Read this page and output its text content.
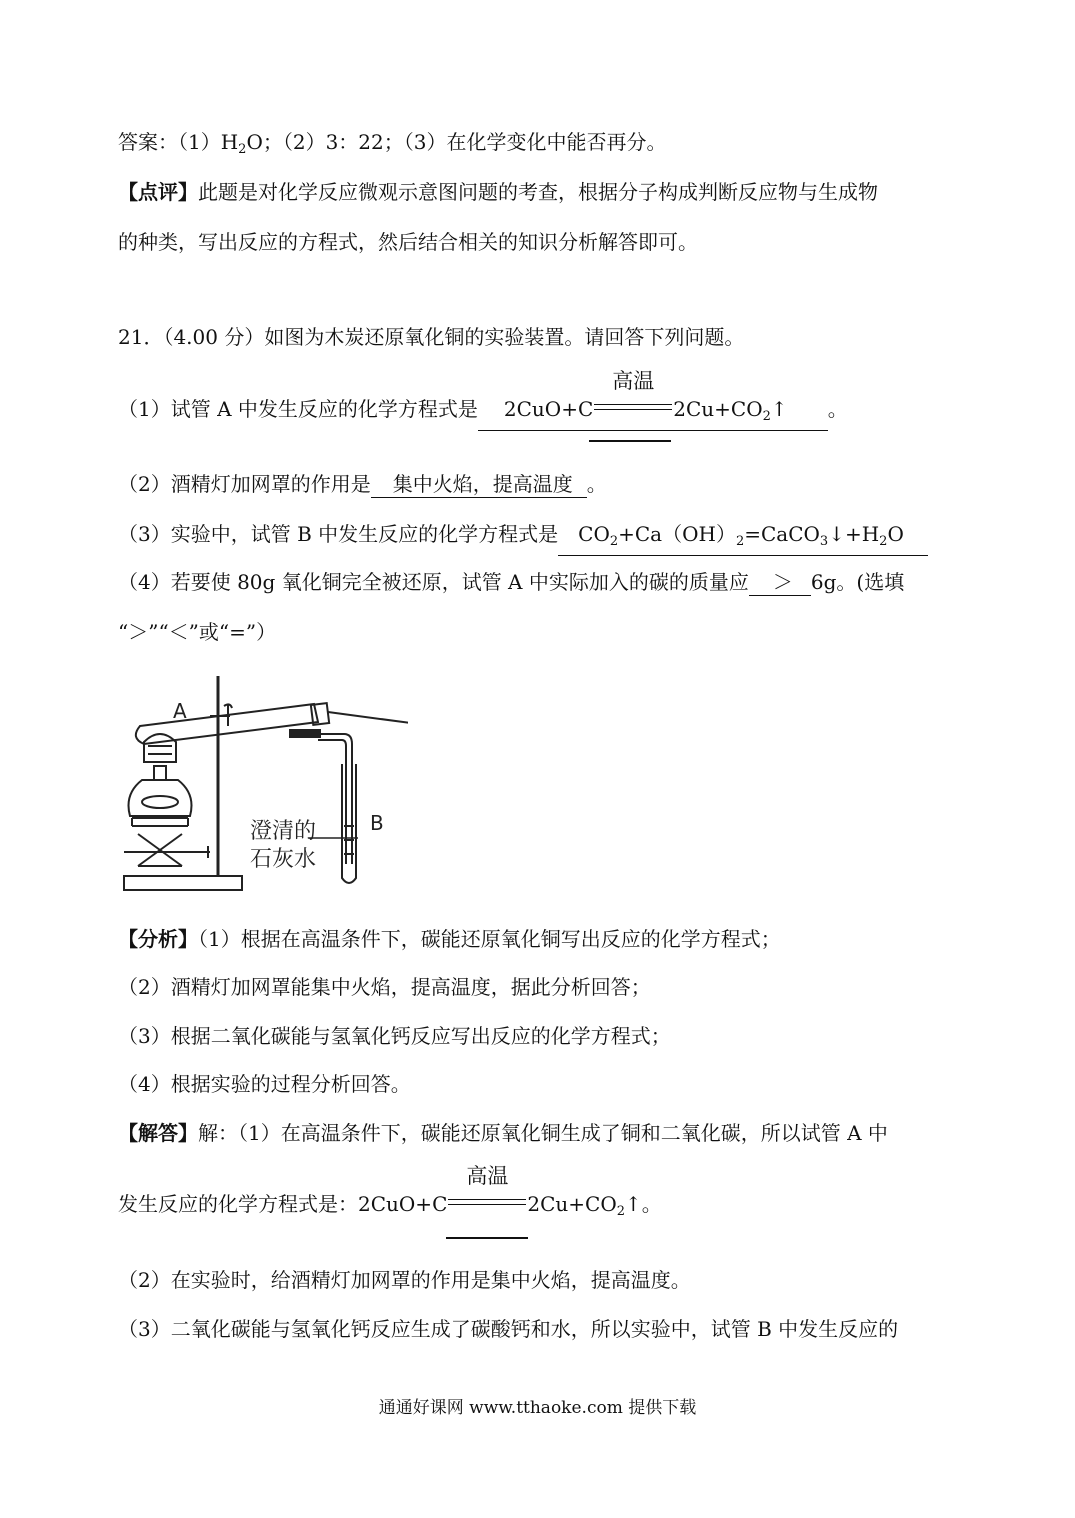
答案：$(1)H_2O$；（2）3：22；（3）在化学变化中能否再分。
【点评】此题是对化学反应微观示意图问题的考查，根据分子构成判断反应物与生成物
的种类，写出反应的方程式，然后结合相关的知识分析解答即可。
21．（4.00 分）如图为木炭还原氧化铜的实验装置。请回答下列问题。
（1）试管 A 中发生反应的化学方程式是 2CuO+C
高温
$2Cu+CO_2↑$ 。
（2）酒精灯加网罩的作用是 集中火焰，提高温度 。
（3）实验中，试管 B 中发生反应的化学方程式是 $CO_2+Ca(OH)_2=CaCO_3↓+H_2O$
（4）若要使 80g 氧化铜完全被还原，试管 A 中实际加入的碳的质量应 ＞ 6g。(选填
“＞”“＜”或“=”）
A
B
澄清的
石灰水
【分析】（1）根据在高温条件下，碳能还原氧化铜写出反应的化学方程式；
（2）酒精灯加网罩能集中火焰，提高温度，据此分析回答；
（3）根据二氧化碳能与氢氧化钙反应写出反应的化学方程式；
（4）根据实验的过程分析回答。
【解答】解：（1）在高温条件下，碳能还原氧化铜生成了铜和二氧化碳，所以试管 A 中
发生反应的化学方程式是：2CuO+C
高温
$2Cu+CO_2↑$。
（2）在实验时，给酒精灯加网罩的作用是集中火焰，提高温度。
（3）二氧化碳能与氢氧化钙反应生成了碳酸钙和水，所以实验中，试管 B 中发生反应的
通通好课网 www.tthaoke.com 提供下载
